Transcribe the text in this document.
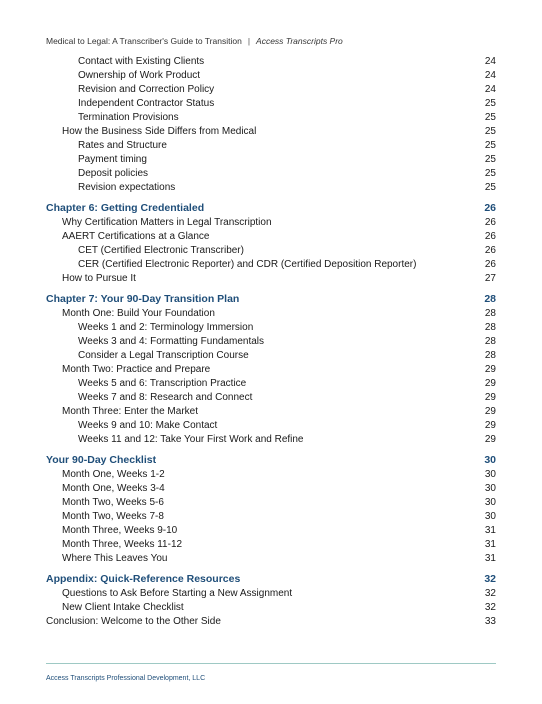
Medical to Legal: A Transcriber's Guide to Transition | Access Transcripts Pro
Contact with Existing Clients	24
Ownership of Work Product	24
Revision and Correction Policy	24
Independent Contractor Status	25
Termination Provisions	25
How the Business Side Differs from Medical	25
Rates and Structure	25
Payment timing	25
Deposit policies	25
Revision expectations	25
Chapter 6: Getting Credentialed	26
Why Certification Matters in Legal Transcription	26
AAERT Certifications at a Glance	26
CET (Certified Electronic Transcriber)	26
CER (Certified Electronic Reporter) and CDR (Certified Deposition Reporter)	26
How to Pursue It	27
Chapter 7: Your 90-Day Transition Plan	28
Month One: Build Your Foundation	28
Weeks 1 and 2: Terminology Immersion	28
Weeks 3 and 4: Formatting Fundamentals	28
Consider a Legal Transcription Course	28
Month Two: Practice and Prepare	29
Weeks 5 and 6: Transcription Practice	29
Weeks 7 and 8: Research and Connect	29
Month Three: Enter the Market	29
Weeks 9 and 10: Make Contact	29
Weeks 11 and 12: Take Your First Work and Refine	29
Your 90-Day Checklist	30
Month One, Weeks 1-2	30
Month One, Weeks 3-4	30
Month Two, Weeks 5-6	30
Month Two, Weeks 7-8	30
Month Three, Weeks 9-10	31
Month Three, Weeks 11-12	31
Where This Leaves You	31
Appendix: Quick-Reference Resources	32
Questions to Ask Before Starting a New Assignment	32
New Client Intake Checklist	32
Conclusion: Welcome to the Other Side	33
Access Transcripts Professional Development, LLC
